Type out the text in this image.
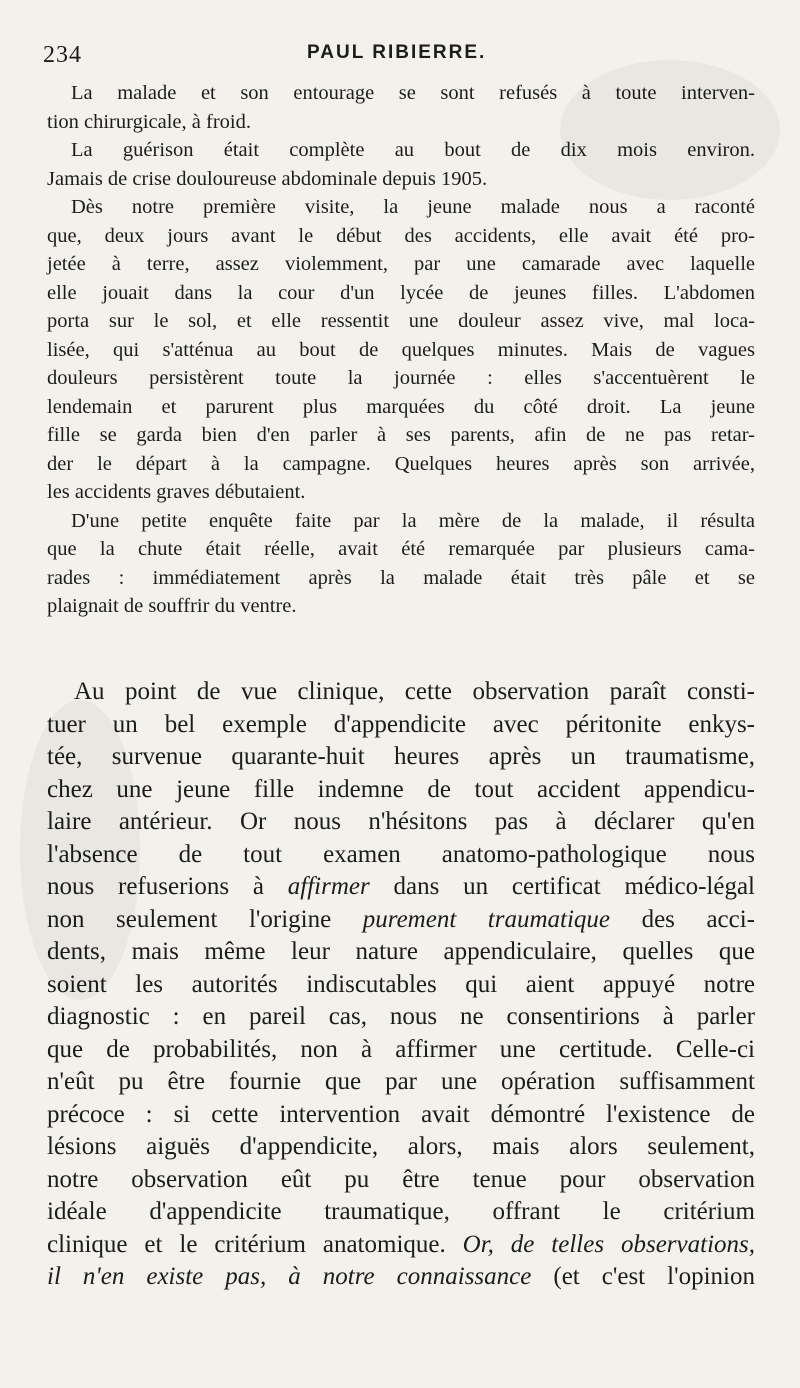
234	PAUL RIBIERRE.

La malade et son entourage se sont refusés à toute interven-
tion chirurgicale, à froid.

La guérison était complète au bout de dix mois environ.
Jamais de crise douloureuse abdominale depuis 1905.

Dès notre première visite, la jeune malade nous a raconté
que, deux jours avant le début des accidents, elle avait été pro-
jetée à terre, assez violemment, par une camarade avec laquelle
elle jouait dans la cour d'un lycée de jeunes filles. L'abdomen
porta sur le sol, et elle ressentit une douleur assez vive, mal loca-
lisée, qui s'atténua au bout de quelques minutes. Mais de vagues
douleurs persistèrent toute la journée : elles s'accentuèrent le
lendemain et parurent plus marquées du côté droit. La jeune
fille se garda bien d'en parler à ses parents, afin de ne pas retar-
der le départ à la campagne. Quelques heures après son arrivée,
les accidents graves débutaient.

D'une petite enquête faite par la mère de la malade, il résulta
que la chute était réelle, avait été remarquée par plusieurs cama-
rades : immédiatement après la malade était très pâle et se
plaignait de souffrir du ventre.

Au point de vue clinique, cette observation paraît consti-
tuer un bel exemple d'appendicite avec péritonite enkys-
tée, survenue quarante-huit heures après un traumatisme,
chez une jeune fille indemne de tout accident appendicu-
laire antérieur. Or nous n'hésitons pas à déclarer qu'en
l'absence de tout examen anatomo-pathologique nous
nous refuserions à affirmer dans un certificat médico-légal
non seulement l'origine purement traumatique des acci-
dents, mais même leur nature appendiculaire, quelles que
soient les autorités indiscutables qui aient appuyé notre
diagnostic : en pareil cas, nous ne consentirions à parler
que de probabilités, non à affirmer une certitude. Celle-ci
n'eût pu être fournie que par une opération suffisamment
précoce : si cette intervention avait démontré l'existence de
lésions aiguës d'appendicite, alors, mais alors seulement,
notre observation eût pu être tenue pour observation
idéale d'appendicite traumatique, offrant le critérium
clinique et le critérium anatomique. Or, de telles observations,
il n'en existe pas, à notre connaissance (et c'est l'opinion
